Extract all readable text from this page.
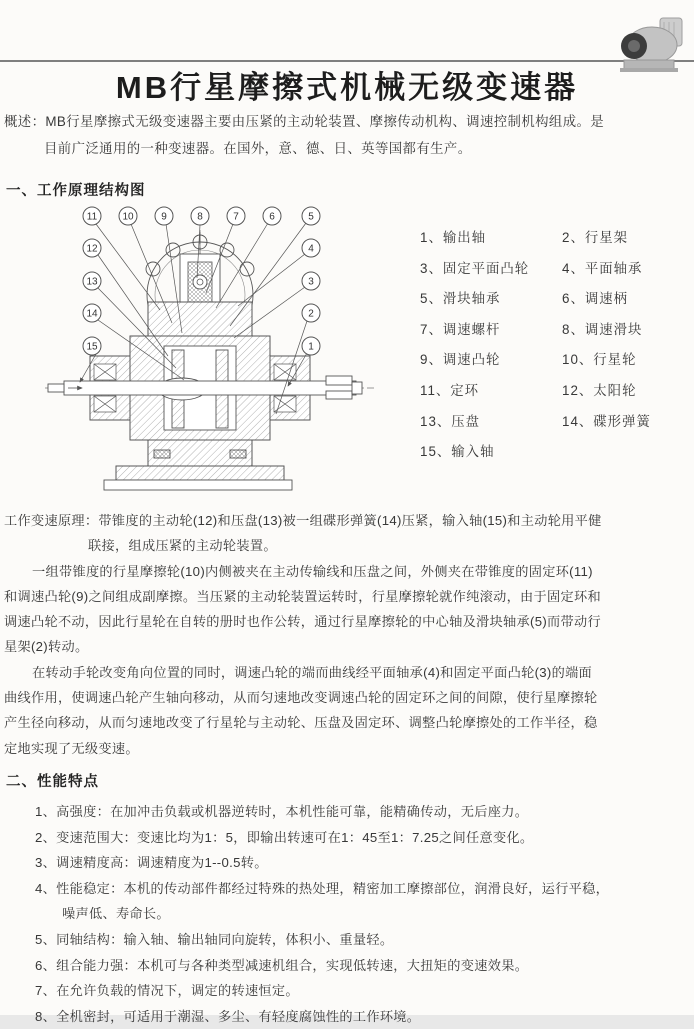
MB行星摩擦式机械无级变速器
概述：MB行星摩擦式无级变速器主要由压紧的主动轮装置、摩擦传动机构、调速控制机构组成。是
目前广泛通用的一种变速器。在国外，意、德、日、英等国都有生产。
一、工作原理结构图
11	10	9	8	7	6	5
12
13
14
15
4
3
2
1
1、输出轴	2、行星架
3、固定平面凸轮	4、平面轴承
5、滑块轴承	6、调速柄
7、调速螺杆	8、调速滑块
9、调速凸轮	10、行星轮
11、定环	12、太阳轮
13、压盘	14、碟形弹簧
15、输入轴
工作变速原理：带锥度的主动轮(12)和压盘(13)被一组碟形弹簧(14)压紧，输入轴(15)和主动轮用平健
联接，组成压紧的主动轮装置。
一组带锥度的行星摩擦轮(10)内侧被夹在主动传输线和压盘之间，外侧夹在带锥度的固定环(11)
和调速凸轮(9)之间组成副摩擦。当压紧的主动轮装置运转时，行星摩擦轮就作纯滚动，由于固定环和
调速凸轮不动，因此行星轮在自转的册时也作公转，通过行星摩擦轮的中心轴及滑块轴承(5)而带动行
星架(2)转动。
在转动手轮改变角向位置的同时，调速凸轮的端而曲线经平面轴承(4)和固定平面凸轮(3)的端面
曲线作用，使调速凸轮产生轴向移动，从而匀速地改变调速凸轮的固定环之间的间隙，使行星摩擦轮
产生径向移动，从而匀速地改变了行星轮与主动轮、压盘及固定环、调整凸轮摩擦处的工作半径，稳
定地实现了无级变速。
二、性能特点
1、高强度：在加冲击负载或机器逆转时，本机性能可靠，能精确传动，无后座力。
2、变速范围大：变速比均为1：5，即输出转速可在1：45至1：7.25之间任意变化。
3、调速精度高：调速精度为1--0.5转。
4、性能稳定：本机的传动部件都经过特殊的热处理，精密加工摩擦部位，润滑良好，运行平稳，
噪声低、寿命长。
5、同轴结构：输入轴、输出轴同向旋转，体积小、重量轻。
6、组合能力强：本机可与各种类型减速机组合，实现低转速，大扭矩的变速效果。
7、在允许负载的情况下，调定的转速恒定。
8、全机密封，可适用于潮湿、多尘、有轻度腐蚀性的工作环境。
